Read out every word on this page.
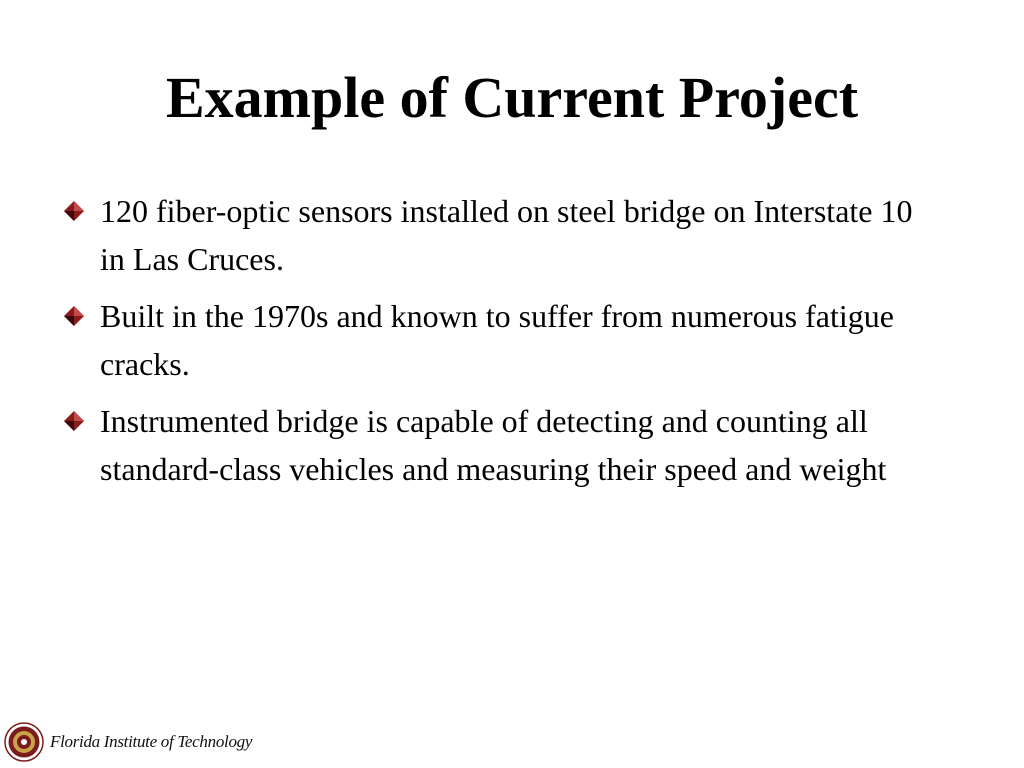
Example of Current Project
120 fiber-optic sensors installed on steel bridge on Interstate 10 in Las Cruces.
Built in the 1970s and known to suffer from numerous fatigue cracks.
Instrumented bridge is capable of detecting and counting all standard-class vehicles and measuring their speed and weight
Florida Institute of Technology
